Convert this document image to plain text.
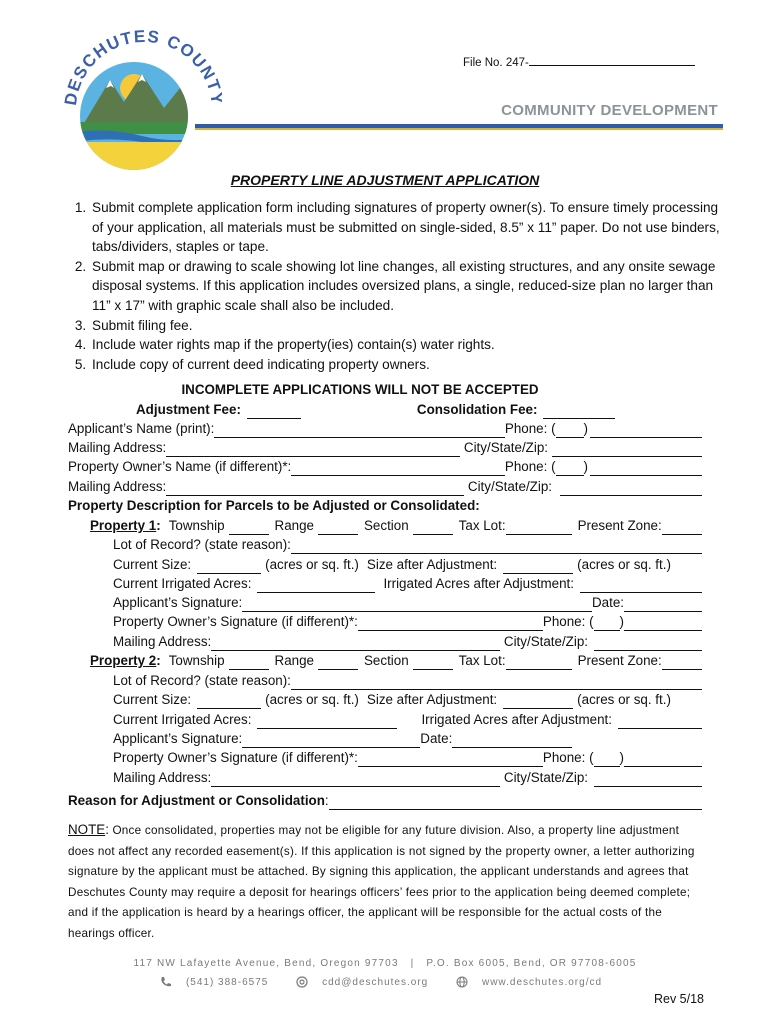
DESCHUTES COUN	File No. 247-
COMMUNITY DEVELOPMENT
PROPERTY LINE ADJUSTMENT APPLICATION
1. Submit complete application form including signatures of property owner(s). To ensure timely processing of your application, all materials must be submitted on single-sided, 8.5” x 11” paper. Do not use binders, tabs/dividers, staples or tape.
2. Submit map or drawing to scale showing lot line changes, all existing structures, and any onsite sewage disposal systems. If this application includes oversized plans, a single, reduced-size plan no larger than 11” x 17” with graphic scale shall also be included.
3. Submit filing fee.
4. Include water rights map if the property(ies) contain(s) water rights.
5. Include copy of current deed indicating property owners.
INCOMPLETE APPLICATIONS WILL NOT BE ACCEPTED
Adjustment Fee:	Consolidation Fee:
Applicant’s Name (print):	Phone: ( )
Mailing Address:	City/State/Zip:
Property Owner’s Name (if different)*:	Phone: ( )
Mailing Address:	City/State/Zip:
Property Description for Parcels to be Adjusted or Consolidated:
Property 1 : Township	Range	Section	Tax Lot:	Present Zone:
Lot of Record? (state reason):
Current Size:	(acres or sq. ft.) Size after Adjustment:	(acres or sq. ft.)
Current Irrigated Acres:	Irrigated Acres after Adjustment:
Applicant’s Signature:	Date:
Property Owner’s Signature (if different)*:	Phone: ( )
Mailing Address:	City/State/Zip:
Property 2 : Township	Range	Section	Tax Lot:	Present Zone:
Lot of Record? (state reason):
Current Size:	(acres or sq. ft.) Size after Adjustment:	(acres or sq. ft.)
Current Irrigated Acres:	Irrigated Acres after Adjustment:
Applicant’s Signature:	Date:
Property Owner’s Signature (if different)*:	Phone: ( )
Mailing Address:	City/State/Zip:
Reason for Adjustment or Consolidation :
NOTE: Once consolidated, properties may not be eligible for any future division. Also, a property line adjustment does not affect any recorded easement(s). If this application is not signed by the property owner, a letter authorizing signature by the applicant must be attached. By signing this application, the applicant understands and agrees that Deschutes County may require a deposit for hearings officers’ fees prior to the application being deemed complete; and if the application is heard by a hearings officer, the applicant will be responsible for the actual costs of the hearings officer.
117 NW Lafayette Avenue, Bend, Oregon 97703   |   P.O. Box 6005, Bend, OR 97708-6005
(541) 388-6575
	cdd@deschutes.org
	www.deschutes.org/cd
Rev 5/18
